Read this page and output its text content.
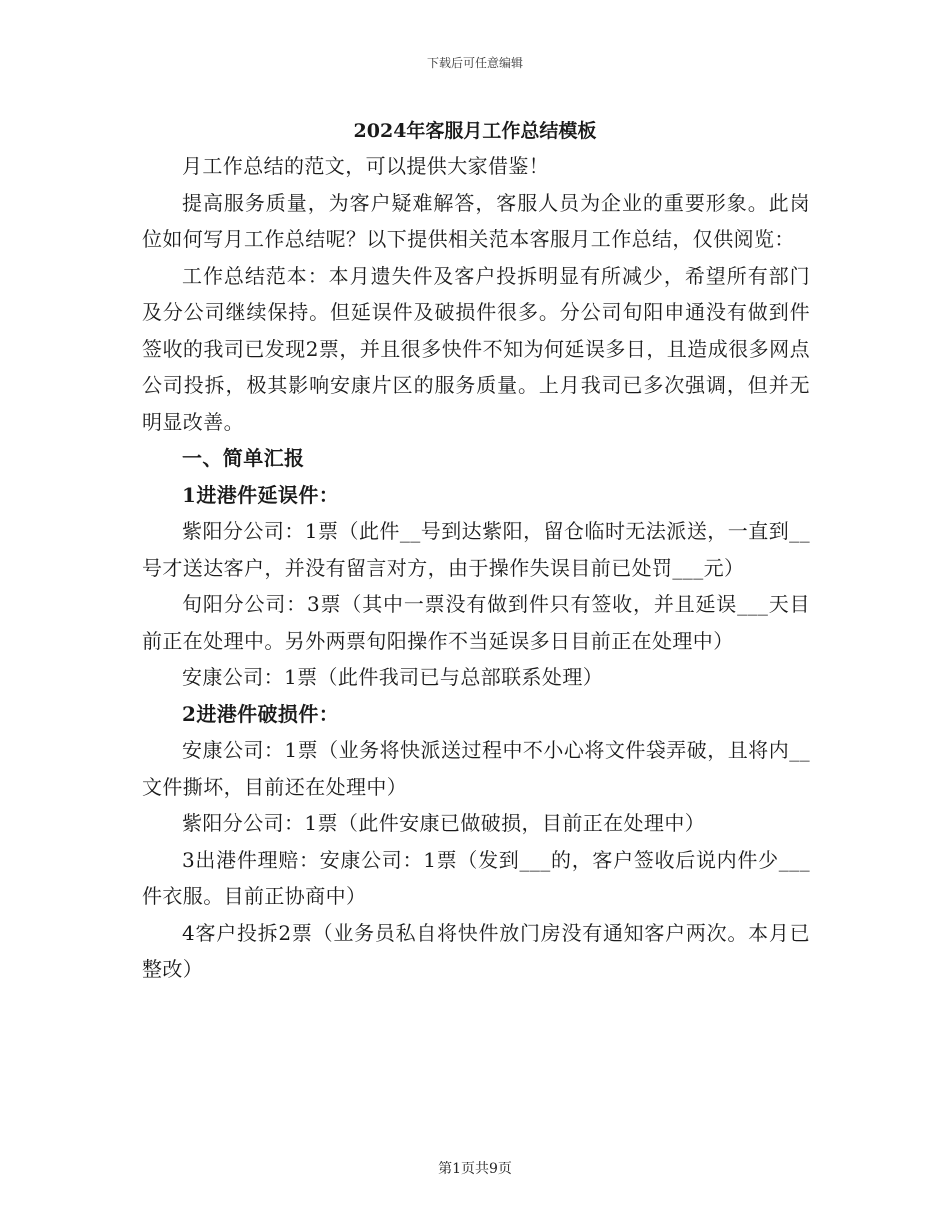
下载后可任意编辑
2024年客服月工作总结模板

月工作总结的范文，可以提供大家借鉴！

提高服务质量，为客户疑难解答，客服人员为企业的重要形象。此岗位如何写月工作总结呢？以下提供相关范本客服月工作总结，仅供阅览：

工作总结范本：本月遗失件及客户投拆明显有所减少，希望所有部门及分公司继续保持。但延误件及破损件很多。分公司旬阳申通没有做到件签收的我司已发现2票，并且很多快件不知为何延误多日，且造成很多网点公司投拆，极其影响安康片区的服务质量。上月我司已多次强调，但并无明显改善。

一、简单汇报

1进港件延误件：

紫阳分公司：1票（此件__号到达紫阳，留仓临时无法派送，一直到__号才送达客户，并没有留言对方，由于操作失误目前已处罚___元）

旬阳分公司：3票（其中一票没有做到件只有签收，并且延误___天目前正在处理中。另外两票旬阳操作不当延误多日目前正在处理中）

安康公司：1票（此件我司已与总部联系处理）

2进港件破损件：

安康公司：1票（业务将快派送过程中不小心将文件袋弄破，且将内__文件撕坏，目前还在处理中）

紫阳分公司：1票（此件安康已做破损，目前正在处理中）

3出港件理赔：安康公司：1票（发到___的，客户签收后说内件少___件衣服。目前正协商中）

4客户投拆2票（业务员私自将快件放门房没有通知客户两次。本月已整改）

第1页共9页
